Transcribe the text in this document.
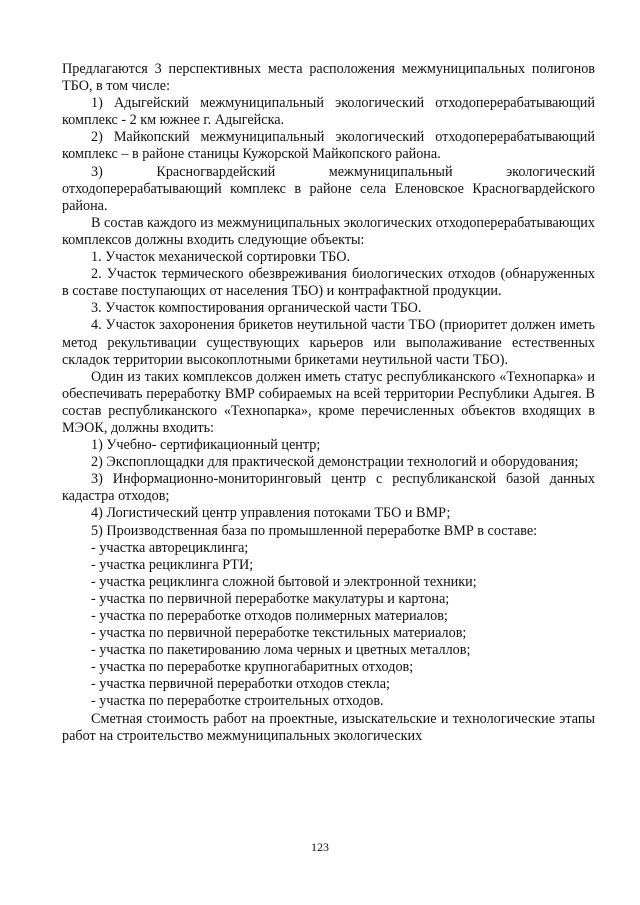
Предлагаются 3 перспективных места расположения межмуниципальных полигонов ТБО, в том числе:

1) Адыгейский межмуниципальный экологический отходоперерабатывающий комплекс - 2 км южнее г. Адыгейска.

2) Майкопский межмуниципальный экологический отходоперерабатывающий комплекс – в районе станицы Кужорской Майкопского района.

3) Красногвардейский межмуниципальный экологический отходоперерабатывающий комплекс в районе села Еленовское Красногвардейского района.

В состав каждого из межмуниципальных экологических отходоперерабатывающих комплексов должны входить следующие объекты:

1. Участок механической сортировки ТБО.

2. Участок термического обезвреживания биологических отходов (обнаруженных в составе поступающих от населения ТБО) и контрафактной продукции.

3. Участок компостирования органической части ТБО.

4. Участок захоронения брикетов неутильной части ТБО (приоритет должен иметь метод рекультивации существующих карьеров или выполаживание естественных складок территории высокоплотными брикетами неутильной части ТБО).

Один из таких комплексов должен иметь статус республиканского «Технопарка» и обеспечивать переработку ВМР собираемых на всей территории Республики Адыгея. В состав республиканского «Технопарка», кроме перечисленных объектов входящих в МЭОК, должны входить:

1) Учебно- сертификационный центр;

2) Экспоплощадки для практической демонстрации технологий и оборудования;

3) Информационно-мониторинговый центр с республиканской базой данных кадастра отходов;

4) Логистический центр управления потоками ТБО и ВМР;

5) Производственная база по промышленной переработке ВМР в составе:

- участка авторециклинга;

- участка рециклинга РТИ;

- участка рециклинга сложной бытовой и электронной техники;

- участка по первичной переработке макулатуры и картона;

- участка по переработке отходов полимерных материалов;

- участка по первичной переработке текстильных материалов;

- участка по пакетированию лома черных и цветных металлов;

- участка по переработке крупногабаритных отходов;

- участка первичной переработки отходов стекла;

- участка по переработке строительных отходов.

Сметная стоимость работ на проектные, изыскательские и технологические этапы работ на строительство межмуниципальных экологических

123
